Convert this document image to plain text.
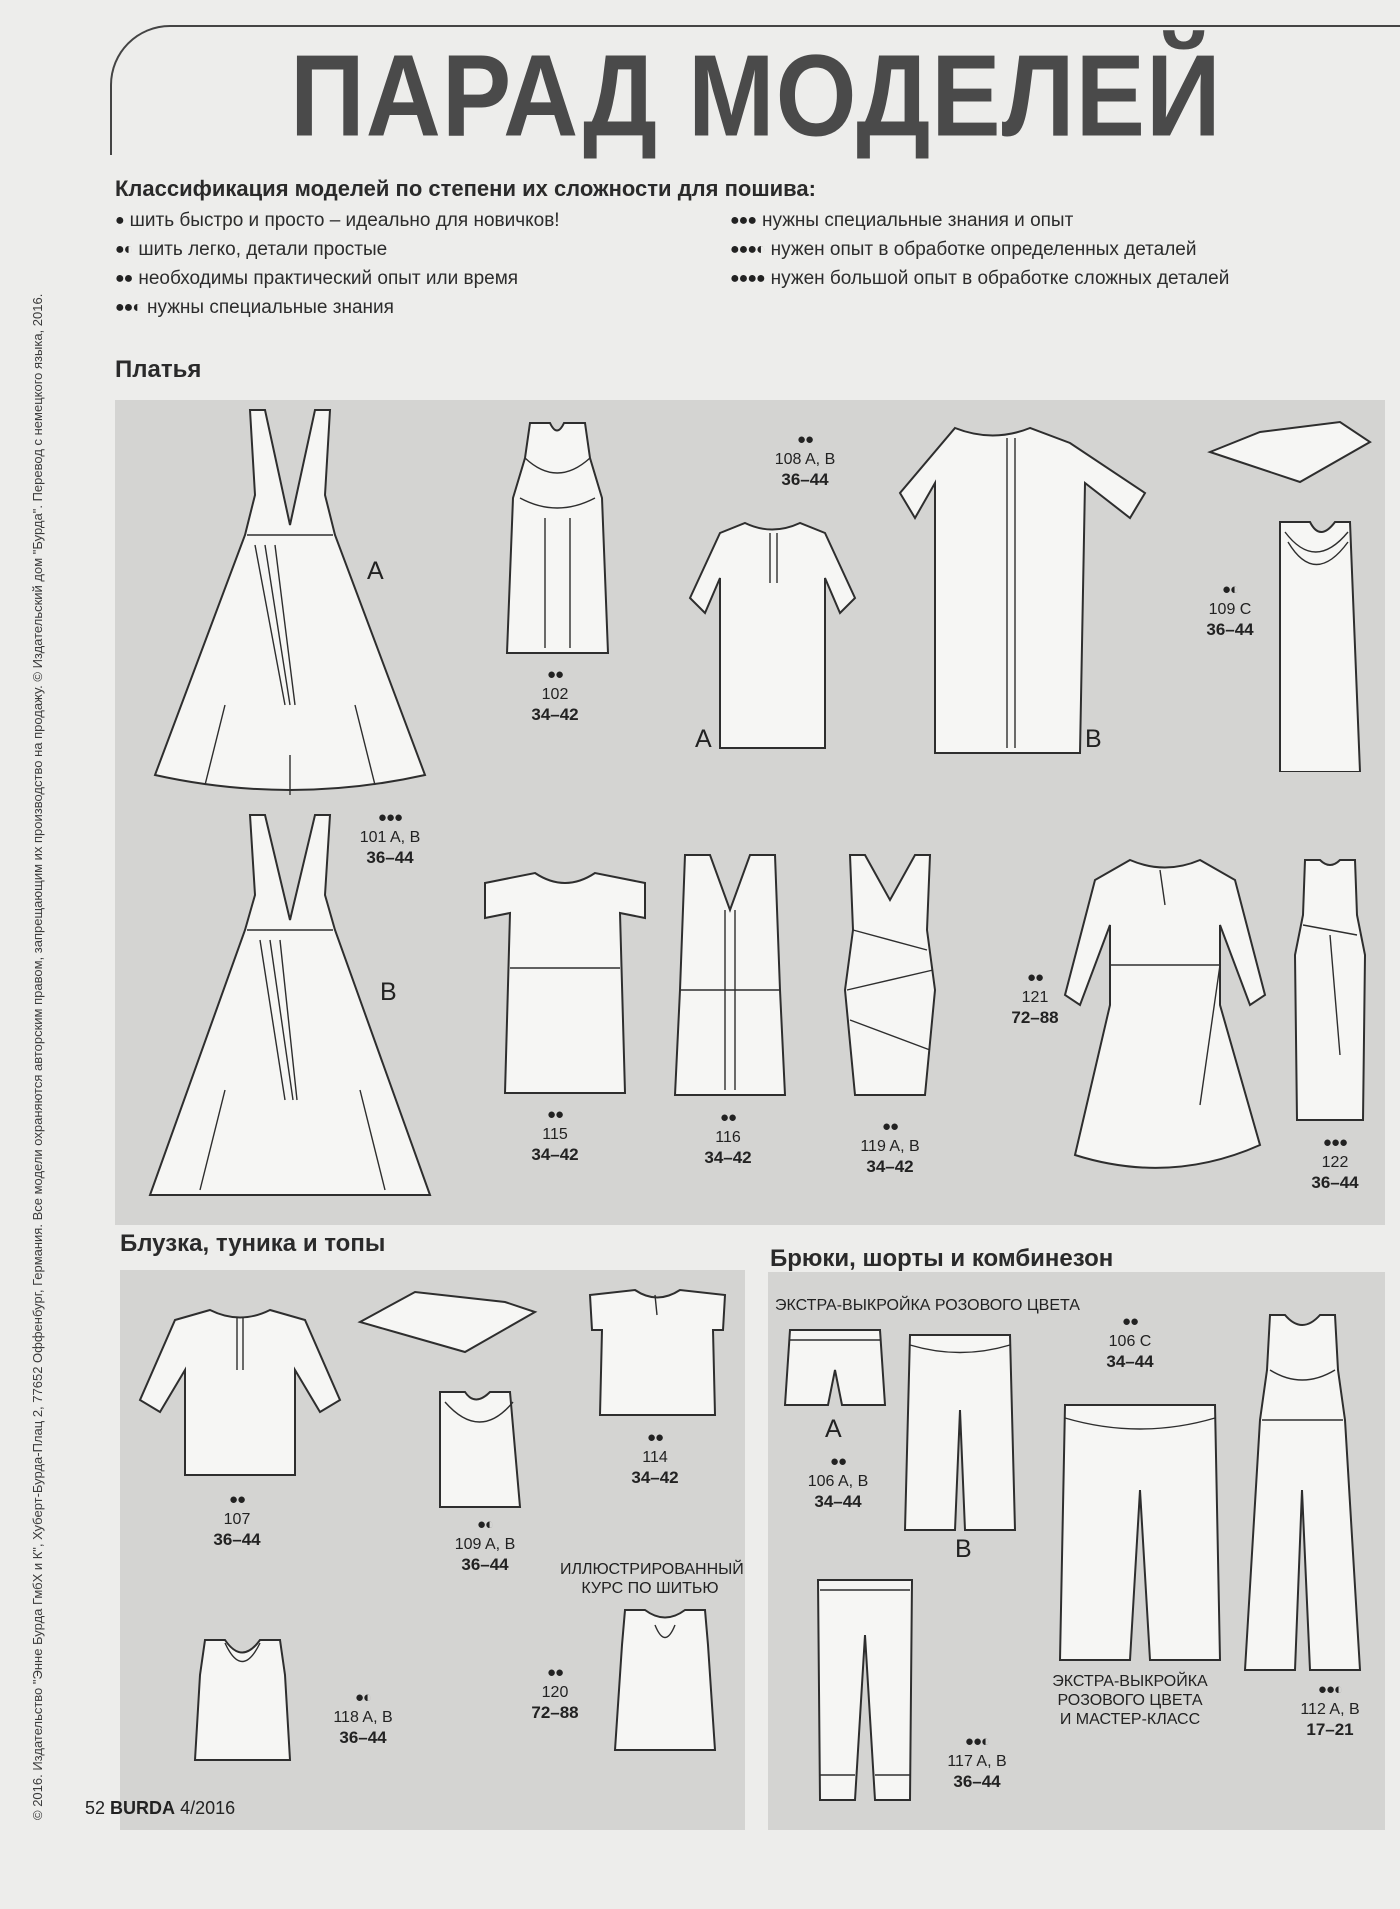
© 2016. Издательство "Энне Бурда ГмбХ и К", Хуберт-Бурда-Плац 2, 77652 Оффенбург, Германия. Все модели охраняются авторским правом, запрещающим их производство на продажу. © Издательский дом "Бурда". Перевод с немецкого языка, 2016.
ПАРАД МОДЕЛЕЙ
Классификация моделей по степени их сложности для пошива:
● шить быстро и просто – идеально для новичков!
●◐ шить легко, детали простые
●● необходимы практический опыт или время
●●◐ нужны специальные знания
●●● нужны специальные знания и опыт
●●●◐ нужен опыт в обработке определенных деталей
●●●● нужен большой опыт в обработке сложных деталей
Платья
A
B
●●●
101 A, B
36–44
●●
102
34–42
A	B
●●
108 A, B
36–44
●◐
109 C
36–44
●●
115
34–42
●●
116
34–42
●●
119 A, B
34–42
●●
121
72–88
●●●
122
36–44
Блузка, туника и топы
●●
107
36–44
●◐
109 A, B
36–44
●●
114
34–42
●◐
118 A, B
36–44
ИЛЛЮСТРИРОВАННЫЙ
КУРС ПО ШИТЬЮ
●●
120
72–88
Брюки, шорты и комбинезон
ЭКСТРА-ВЫКРОЙКА РОЗОВОГО ЦВЕТА
A
B
●●
106 A, B
34–44
●●
106 C
34–44
ЭКСТРА-ВЫКРОЙКА
РОЗОВОГО ЦВЕТА
И МАСТЕР-КЛАСС
●●◐
117 A, B
36–44
●●◐
112 A, B
17–21
52 BURDA 4/2016
